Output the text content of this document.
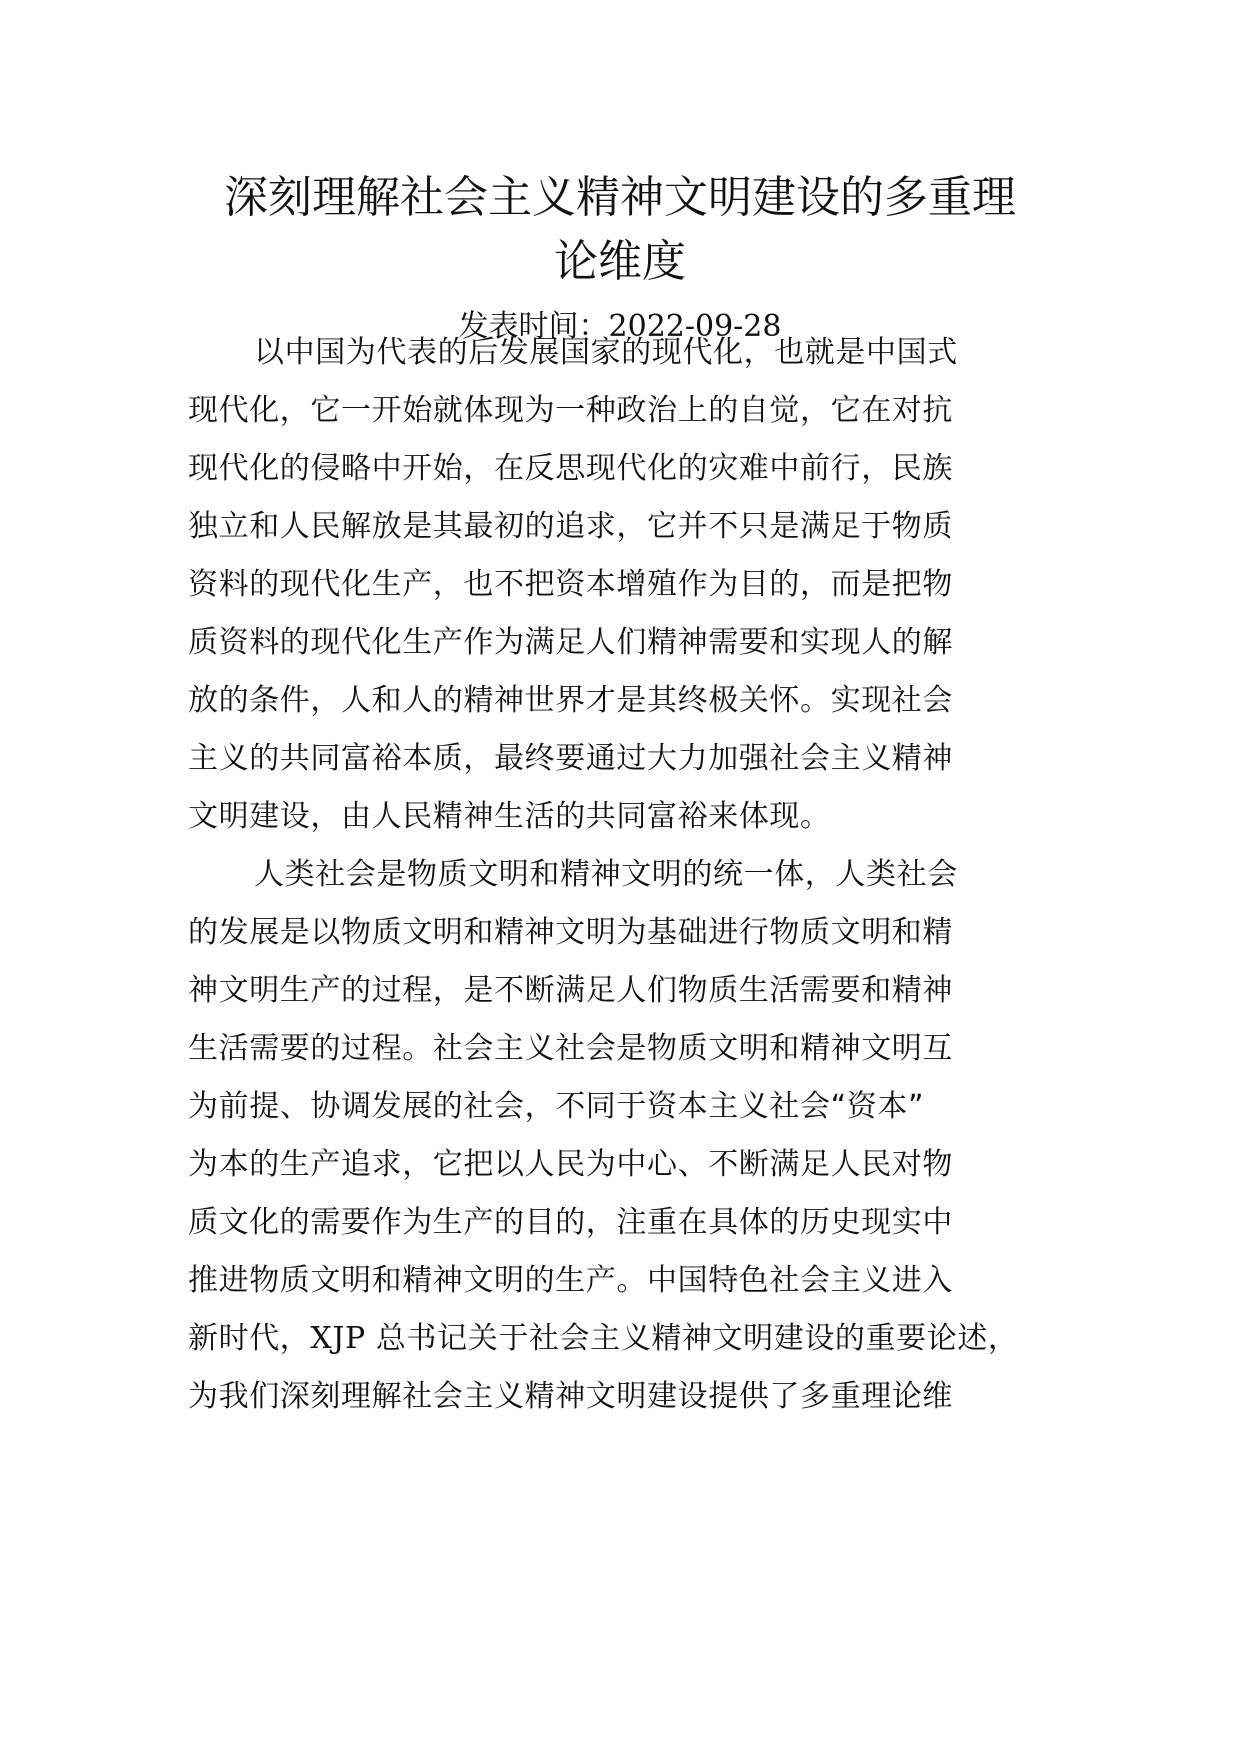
深刻理解社会主义精神文明建设的多重理
论维度
发表时间：2022-09-28
以中国为代表的后发展国家的现代化，也就是中国式
现代化，它一开始就体现为一种政治上的自觉，它在对抗
现代化的侵略中开始，在反思现代化的灾难中前行，民族
独立和人民解放是其最初的追求，它并不只是满足于物质
资料的现代化生产，也不把资本增殖作为目的，而是把物
质资料的现代化生产作为满足人们精神需要和实现人的解
放的条件，人和人的精神世界才是其终极关怀。实现社会
主义的共同富裕本质，最终要通过大力加强社会主义精神
文明建设，由人民精神生活的共同富裕来体现。
人类社会是物质文明和精神文明的统一体，人类社会
的发展是以物质文明和精神文明为基础进行物质文明和精
神文明生产的过程，是不断满足人们物质生活需要和精神
生活需要的过程。社会主义社会是物质文明和精神文明互
为前提、协调发展的社会，不同于资本主义社会“资本”
为本的生产追求，它把以人民为中心、不断满足人民对物
质文化的需要作为生产的目的，注重在具体的历史现实中
推进物质文明和精神文明的生产。中国特色社会主义进入
新时代，XJP 总书记关于社会主义精神文明建设的重要论述，
为我们深刻理解社会主义精神文明建设提供了多重理论维
